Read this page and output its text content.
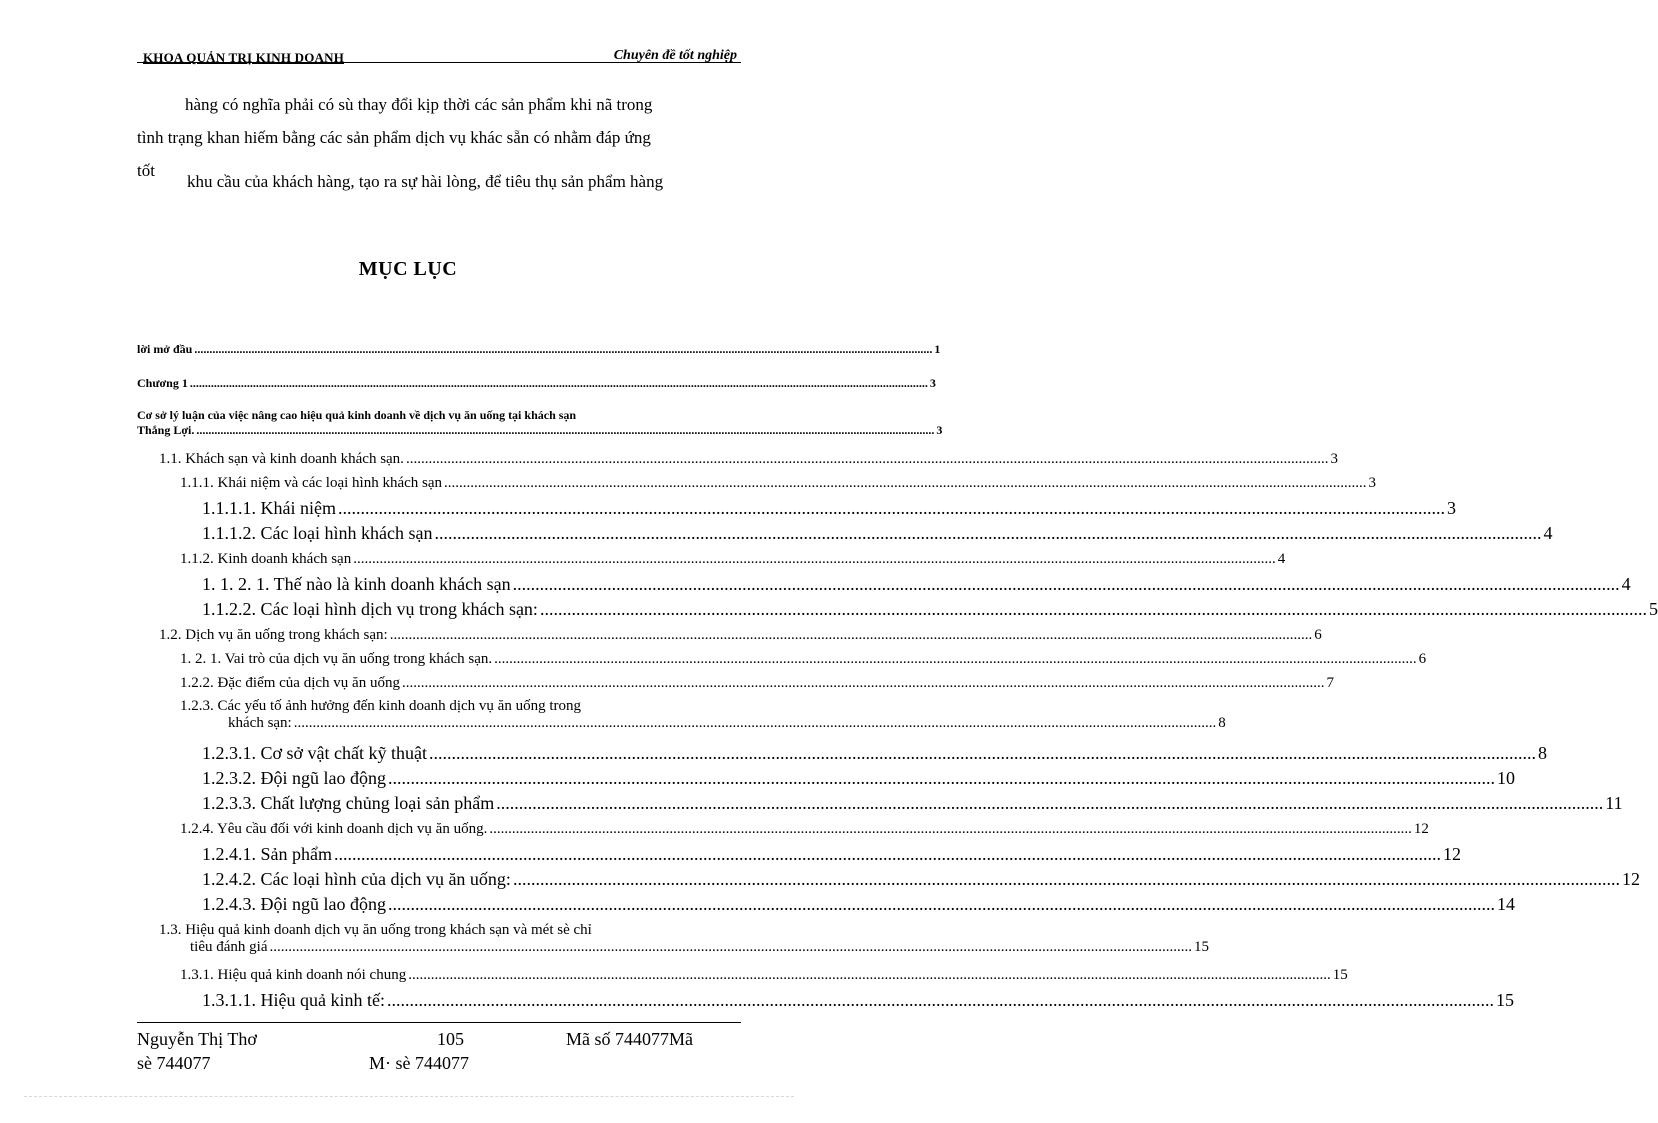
KHOA QUẢN TRỊ KINH DOANH	Chuyên đề tốt nghiệp
hàng có nghĩa phải có sù thay đổi kịp thời các sản phẩm khi nã trong
tình trạng khan hiếm bằng các sản phẩm dịch vụ khác sẵn có nhằm đáp ứng
tốt
khu cầu của khách hàng, tạo ra sự hài lòng, để tiêu thụ sản phẩm hàng
MỤC LỤC
lời mở đầu .....	1
Chương 1 .....	3
Cơ sở lý luận của việc nâng cao hiệu quả kinh doanh về dịch vụ ăn uống tại khách sạn
Thắng Lợi. .....	3
1.1. Khách sạn và kinh doanh khách sạn. .....	3
1.1.1. Khái niệm và các loại hình khách sạn .....	3
1.1.1.1. Khái niệm .....	3
1.1.1.2. Các loại hình khách sạn .....	4
1.1.2. Kinh doanh khách sạn .....	4
1. 1. 2. 1. Thế nào là kinh doanh khách sạn .....	4
1.1.2.2. Các loại hình dịch vụ trong khách sạn: .....	5
1.2. Dịch vụ ăn uống trong khách sạn: .....	6
1. 2. 1. Vai trò của dịch vụ ăn uống trong khách sạn. .....	6
1.2.2. Đặc điểm của dịch vụ ăn uống .....	7
1.2.3. Các yếu tố ảnh hưởng đến kinh doanh dịch vụ ăn uống trong
khách sạn: .....	8
1.2.3.1. Cơ sở vật chất kỹ thuật .....	8
1.2.3.2. Đội ngũ lao động .....	10
1.2.3.3. Chất lượng chủng loại sản phẩm .....	11
1.2.4. Yêu cầu đối với kinh doanh dịch vụ ăn uống. .....	12
1.2.4.1. Sản phẩm .....	12
1.2.4.2. Các loại hình của dịch vụ ăn uống: .....	12
1.2.4.3. Đội ngũ lao động .....	14
1.3. Hiệu quả kinh doanh dịch vụ ăn uống trong khách sạn và mét sè chỉ
tiêu đánh giá .....	15
1.3.1. Hiệu quả kinh doanh nói chung .....	15
1.3.1.1. Hiệu quả kinh tế: .....	15
Nguyễn Thị Thơ
sè 744077
105
M· sè 744077
Mã số 744077Mã
